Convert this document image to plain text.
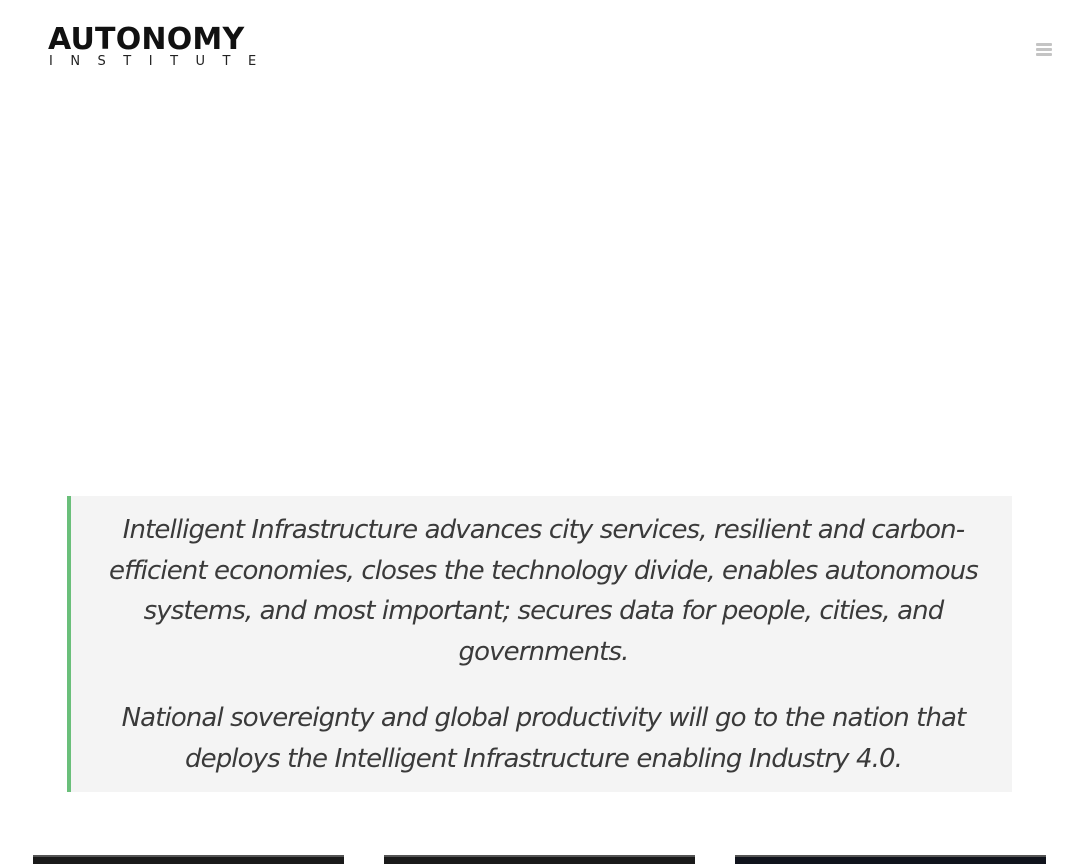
AUTONOMY
INSTITUTE

Intelligent Infrastructure advances city services, resilient and carbon-efficient economies, closes the technology divide, enables autonomous systems, and most important; secures data for people, cities, and governments.

National sovereignty and global productivity will go to the nation that deploys the Intelligent Infrastructure enabling Industry 4.0.
